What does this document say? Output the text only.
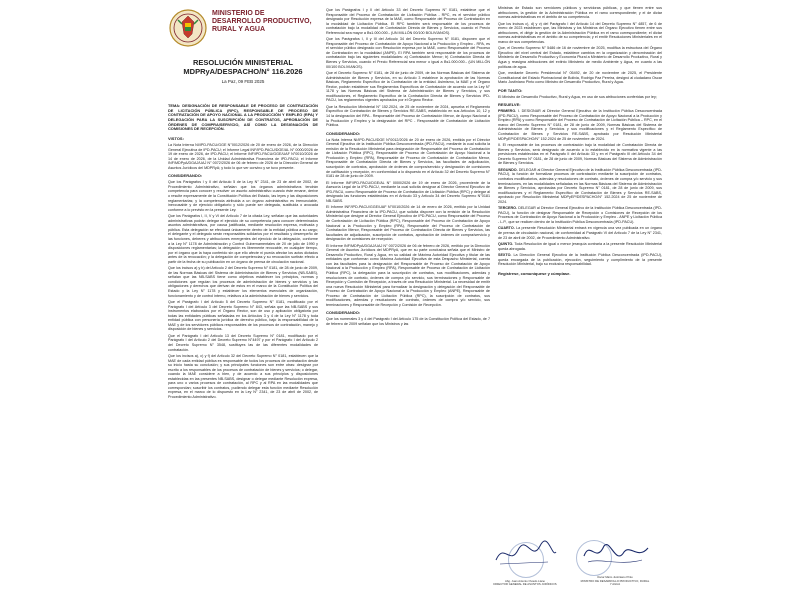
MINISTERIO DE
DESARROLLO PRODUCTIVO,
RURAL Y AGUA
RESOLUCIÓN MINISTERIAL
MDPRyA/DESPACHO/N° 116.2026
La Paz, 09 FEB 2025

TEMA: DESIGNACIÓN DE RESPONSABLE DE PROCESO DE CONTRATACIÓN DE LICITACIÓN PÚBLICA (RPC), RESPONSABLE DE PROCESO DE CONTRATACIÓN DE APOYO NACIONAL A LA PRODUCCIÓN Y EMPLEO (RPA) Y DELEGACIÓN PARA LA SUSCRIPCIÓN DE CONTRATOS, APROBACIÓN DE ÓRDENES DE COMPRA/SERVICIO, ASÍ COMO LA DESIGNACIÓN DE COMISIONES DE RECEPCIÓN.

VISTOS:

La Nota Interna NI/IPD-PACU/GGE N°0012/2026 de 20 de enero de 2026, de la Dirección General Ejecutiva de IPD-PACU; el Informe Legal INF/IPD-PACU/DGE/AL N° 0000/2026 de 19 de enero de 2026, de IPD-PACU; el Informe INF/IPD-PACU/GGE/UAF N°0010/2026 de 14 de enero de 2026, de la Unidad Administrativa Financiera de IPD-PACU; el Informe INF/MDPyA/DGAJ/UAJ N° 0072/2026 de 06 de febrero de 2026 de la Dirección General de Asuntos Jurídicos del MDPRyA; y todo lo que ver convino y se tuvo presente.

CONSIDERANDO:

Que los Parágrafos I y II del Artículo 5 de la Ley N° 2341, de 23 de abril de 2002, de Procedimiento Administrativo, señalan que los órganos administrativos tendrán competencia para conocer y resolver un asunto administrativo cuando éste emane, derive o resulte expresamente de la Constitución Política del Estado, las leyes y las disposiciones reglamentarias; y la competencia atribuida a un órgano administrativo es irrenunciable, inexcusable y de ejercicio obligatorio y sólo puede ser delegada, sustituida o avocada conforme a lo previsto en la presente Ley.

Que los Parágrafos I, II, V y VI del Artículo 7 de la citada Ley, señalan que las autoridades administrativas podrán delegar el ejercicio de su competencia para conocer determinados asuntos administrativos, por causa justificada, mediante resolución expresa, motivada y pública. Esta delegación se efectuará únicamente dentro de la entidad pública a su cargo; el delegante y el delegado serán responsables solidarios por el resultado y desempeño de las funciones, deberes y atribuciones emergentes del ejercicio de la delegación, conforme a la Ley N° 1178 de Administración y Control Gubernamentales de 20 de julio de 1990 y disposiciones reglamentarias; la delegación es libremente revocable, en cualquier tiempo, por el órgano que la haya conferido sin que ello afecte ni pueda afectar los actos dictados antes de la revocación; y la delegación de competencias y su revocación surtirán efecto a partir de la fecha de su publicación en un órgano de prensa de circulación nacional.

Que los incisos a) y b) del Artículo 2 del Decreto Supremo N° 0181, de 28 de junio de 2009, de las Normas Básicas del Sistema de Administración de Bienes y Servicios (NB-SABS), señalan que las NB-SABS tiene como objetivos establecer los principios, normas y condiciones que regulan los procesos de administración de bienes y servicios y las obligaciones y derechos que derivan de estos en el marco de la Constitución Política del Estado y la Ley N° 1178 y establecer los elementos esenciales de organización, funcionamiento y de control interno, relativos a la administración de bienes y servicios.

Que el Parágrafo I del Artículo 5 del Decreto Supremo N° 0181, modificado por el Parágrafo I del Artículo 3 del Decreto Supremo N° 843, señala que las NB-SABS y sus instrumentos elaborados por el Órgano Rector, son de uso y aplicación obligatoria por todas las entidades públicas señaladas en los Artículos 3 y 4 de la Ley N° 1178 y toda entidad pública con personería jurídica de derecho público, bajo la responsabilidad de la MAE y de los servidores públicos responsables de los procesos de contratación, manejo y disposición de bienes y servicios.

Que el Parágrafo I del Artículo 13 del Decreto Supremo N° 0181, modificado por el Parágrafo I del Artículo 2 del Decreto Supremo N°4497 y por el Parágrafo I del Artículo 2 del Decreto Supremo N° 3548, sustituyes las de las diferentes modalidades de contratación.

Que los incisos a), c) y f) del Artículo 32 del Decreto Supremo N° 0181, establecen que la MAE de cada entidad pública es responsable de todos los procesos de contratación desde su inicio hasta su conclusión; y sus principales funciones son entre otras: designar por escrito a los responsables de los procesos de contratación de bienes y servicios; o delegar, cuando la MAE considere a bien, y de acuerdo a sus principios y disposiciones establecidas en las presentes NB-SABS, designar o delegar mediante Resolución expresa, para uno o varios procesos de contratación, al RPC y al RPA en las modalidades que correspondan; suscribir los contratos, pudiendo delegar esta función mediante Resolución expresa, en el marco de lo dispuesto en la Ley N° 2341, de 23 de abril de 2002, de Procedimiento Administrativo.

Que los Parágrafos I y II del Artículo 33 del Decreto Supremo N° 0181, establece que el Responsable del Proceso de Contratación de Licitación Pública - RPC, es el servidor público designado por Resolución expresa de la MAE, como Responsable del Proceso de Contratación en la modalidad de Licitación Pública. El RPC también será responsable de los procesos de contratación bajo la modalidad de Contratación Directa de Bienes y Servicios, cuando el Precio Referencial sea mayor a Bs1.000.000.- (UN MILLÓN 00/100 BOLIVIANOS).

Que los Parágrafos I, II y III del Artículo 34 del Decreto Supremo N° 0181, disponen que el Responsable del Proceso de Contratación de Apoyo Nacional a la Producción y Empleo - RPA, es el servidor público designado con Resolución expresa por la MAE, como Responsable del Proceso de Contratación en la modalidad (ANPE). El RPA también será responsable de los procesos de contratación bajo las siguientes modalidades: a) Contratación Menor; b) Contratación Directa de Bienes y Servicios, cuando el Precio Referencial sea menor o igual a Bs1.000.000.- (UN MILLÓN 00/100 BOLIVIANOS).

Que el Decreto Supremo N° 0181, de 28 de junio de 2009, de las Normas Básicas del Sistema de Administración de Bienes y Servicios, en su Artículo 3 establece la aprobación de las Normas Básicas, Reglamento Específico de la Contratación de la entidad. Asimismo, la MAE y el Órgano Rector, podrán establecer sus Reglamentos Específicos de Contratación de acuerdo con la Ley N° 1178 y las Normas Básicas del Sistema de Administración de Bienes y Servicios, y sus modificaciones, el Reglamento Específico de la Contratación Directa de Bienes y Servicios IPD-PACU, los reglamentos vigentes aprobados por el Órgano Rector.

Que la Resolución Ministerial N° 152.2024, de 25 de noviembre de 2024, aprueba el Reglamento Específico de Contratación de Bienes y Servicios RE-SABS, establecido en sus Artículos 10, 12 y 14 la designación del RPA - Responsable del Proceso de Contratación Menor, de Apoyo Nacional a la Producción y Empleo y la designación del RPC - Responsable de Contratación de Licitación Pública.

CONSIDERANDO:

La Nota Interna NI/IPD-PACU/DGE N°0012/2026 de 20 de enero de 2026, emitida por el Director General Ejecutivo de la Institución Pública Desconcentrada (IPD-PACU), mediante la cual solicita la emisión de la Resolución Ministerial para designación de Responsable del Proceso de Contratación de Licitación Pública (RPC), Responsable de Proceso de Contratación de Apoyo Nacional a la Producción y Empleo (RPA), Responsable de Proceso de Contratación de Contratación Menor, Responsable de Contratación Directa de Bienes y Servicios, las facultades de adjudicación, suscripción de contratos, aprobación de órdenes de compra/servicio y designación de comisiones de calificación y recepción, en conformidad a lo dispuesto en el Artículo 32 del Decreto Supremo N° 0181 de 28 de junio de 2009.

El Informe INF/IPD-PACU/DGE/AL N° 0000/2026 de 19 de enero de 2026, proveniente de la Asesoría Legal de la IPD-PACU, mediante la cual solicita designar al Director General Ejecutivo de IPD-PACU, como Responsable de Proceso de Contratación de Licitación Pública (RPC) y delegar al designado las funciones establecidas en el Artículo 33 y Artículo 34 del Decreto Supremo N°0181 NB-SABS.

El Informe INF/IPD-PACU/GGE/UAF N°0010/2026 de 14 de enero de 2026, emitido por la Unidad Administrativa Financiera de la IPD-PACU, que solicita disponer con la emisión de la Resolución Ministerial que designe al Director General Ejecutivo de IPD-PACU, como Responsable del Proceso de Contratación de Licitación Pública (RPC), Responsable del Proceso de Contratación de Apoyo Nacional a la Producción y Empleo (RPA), Responsable del Proceso de Contratación de Contratación Menor, Responsable del Proceso de Contratación Directa de Bienes y Servicios, las facultades de adjudicación, suscripción de contratos, aprobación de órdenes de compra/servicio y designación de comisiones de recepción.

El Informe INF/MDPyA/DGAJ/UAJ N° 0072/2026 de 06 de febrero de 2026, emitido por la Dirección General de Asuntos Jurídicos del MDPRyA, que en su parte conclusiva señala que el Ministro de Desarrollo Productivo, Rural y Agua, en su calidad de Máxima Autoridad Ejecutiva y titular de las entidades que conforman como Máxima Autoridad Ejecutiva de esta Despacho Ministerial, cuenta con las facultades para la designación del Responsable de Proceso de Contratación de Apoyo Nacional a la Producción y Empleo (RPA), Responsable de Proceso de Contratación de Licitación Pública (RPC), la delegación para la suscripción de contratos, sus modificaciones, adendas y resoluciones de contrato, órdenes de compra y/o servicio, sus terminaciones y Responsable de Recepción y Comisión de Recepción, a través de una Resolución Ministerial. La necesidad de emitir una nueva Resolución Ministerial para formalizar la designación y delegación del Responsable de Proceso de Contratación de Apoyo Nacional a la Producción y Empleo (ANPE), Responsable de Proceso de Contratación de Licitación Pública (RPC), la suscripción de contratos, sus modificaciones, adendas y resoluciones de contrato, órdenes de compra y/o servicio, sus terminaciones y Responsable de Recepción y Comisión de Recepción.

CONSIDERANDO:

Que los numerales 3 y 4 del Parágrafo I del Artículo 175 de la Constitución Política del Estado, de 7 de febrero de 2009 señalan que los Ministros y las

Ministras de Estado son servidores públicos y servidoras públicas, y que tienen entre sus atribuciones, la gestión de la Administración Pública en el ramo correspondiente; y el de dictar normas administrativas en el ámbito de su competencia.

Que los incisos c), d) y v) del Parágrafo I del Artículo 14 del Decreto Supremo N° 4857, de 6 de enero de 2023 establecen que, las Ministras y los Ministros del Órgano Ejecutivo tienen entre sus atribuciones, el dirigir la gestión de la Administración Pública en el ramo correspondiente; el dictar normas administrativas en el ámbito de su competencia; y el emitir Resoluciones Ministeriales en el marco de sus competencias.

Que, el Decreto Supremo N° 5486 de 16 de noviembre de 2025, modifica la estructura del Órgano Ejecutivo del nivel central del Estado, establece cambios en la organización y denominación del Ministerio de Desarrollo Productivo y Economía Plural a Ministerio de Desarrollo Productivo, Rural y Agua y reasigna atribuciones del extinto Ministerio de medio Ambiente y Agua, en cuanto a las políticas de agua.

Que, mediante Decreto Presidencial N° 05492, de 20 de noviembre de 2025, el Presidente Constitucional del Estado Plurinacional de Bolivia, Rodrigo Paz Pereira, designó al ciudadano Oscar Mario Justiniano Pinto como Ministro de Desarrollo Productivo, Rural y Agua.

POR TANTO:

El Ministro de Desarrollo Productivo, Rural y Agua, en uso de sus atribuciones conferidas por ley;

RESUELVE:

PRIMERO. I. DESIGNAR al Director General Ejecutivo de la Institución Pública Desconcentrada (IPD-PACU), como Responsable del Proceso de Contratación de Apoyo Nacional a la Producción y Empleo (RPA) y como Responsable del Proceso de Contratación de Licitación Pública – RPC, en el marco del Decreto Supremo N° 0181, de 28 de junio de 2009, Normas Básicas del Sistema de Administración de Bienes y Servicios y sus modificaciones y el Reglamento Específico de Contratación de Bienes y Servicios RE-SABS, aprobado por Resolución Ministerial MDPyEP/DESPACHO/N° 152.2024 de 25 de noviembre de 2024.

II. El responsable de los procesos de contratación bajo la modalidad de Contratación Directa de Bienes y Servicios, será designado de acuerdo a lo establecido en la normativa vigente a las previsiones establecidas en el Parágrafo II del Artículo 33 y en el Parágrafo III del Artículo 34 del Decreto Supremo N° 0181, de 28 de junio de 2009, Normas Básicas del Sistema de Administración de Bienes y Servicios.

SEGUNDO. DELEGAR al Director General Ejecutivo de la Institución Pública Desconcentrada (IPD-PACU), la función de formalizar procesos de contratación mediante la suscripción de contratos, contratos modificatorios, adendas y resoluciones de contrato, órdenes de compra y/o servicio y sus terminaciones, en las modalidades señaladas en las Normas Básicas del Sistema de Administración de Bienes y Servicios, aprobadas por Decreto Supremo N° 0181, de 28 de junio de 2009, sus modificaciones y el Reglamento Específico de Contratación de Bienes y Servicios RE-SABS, aprobado por Resolución Ministerial MDPyEP/DESPACHO/N° 152.2024 de 25 de noviembre de 2024.

TERCERO. DELEGAR al Director General Ejecutivo de la Institución Pública Desconcentrada (IPD-PACU), la función de designar Responsable de Recepción o Comisiones de Recepción de los Procesos de Contratación de Apoyo Nacional a la Producción y Empleo - ANPE y Licitación Pública - L.P., que se realicen dentro de la Institución Pública Desconcentrada (IPD-PACU).

CUARTO. La presente Resolución Ministerial entrará en vigencia una vez publicada en un órgano de prensa de circulación nacional, de conformidad al Parágrafo VI del Artículo 7 de la Ley N° 2341, de 23 de abril de 2002, de Procedimiento Administrativo.

QUINTO. Toda Resolución de igual o menor jerarquía contraria a la presente Resolución Ministerial queda abrogada.

SEXTO. La Dirección General Ejecutiva de la Institución Pública Desconcentrada (IPD-PACU), queda encargada de la publicación, ejecución, seguimiento y cumplimiento de la presente Resolución Ministerial, bajo su exclusiva responsabilidad.

Regístrese, comuníquese y cúmplase.
Abg. Juan Antonio Oviedo Llano
DIRECTOR GENERAL DE ASUNTOS JURÍDICOS
Oscar Mario Justiniano Pinto
MINISTRO DE DESARROLLO PRODUCTIVO, RURAL Y AGUA
